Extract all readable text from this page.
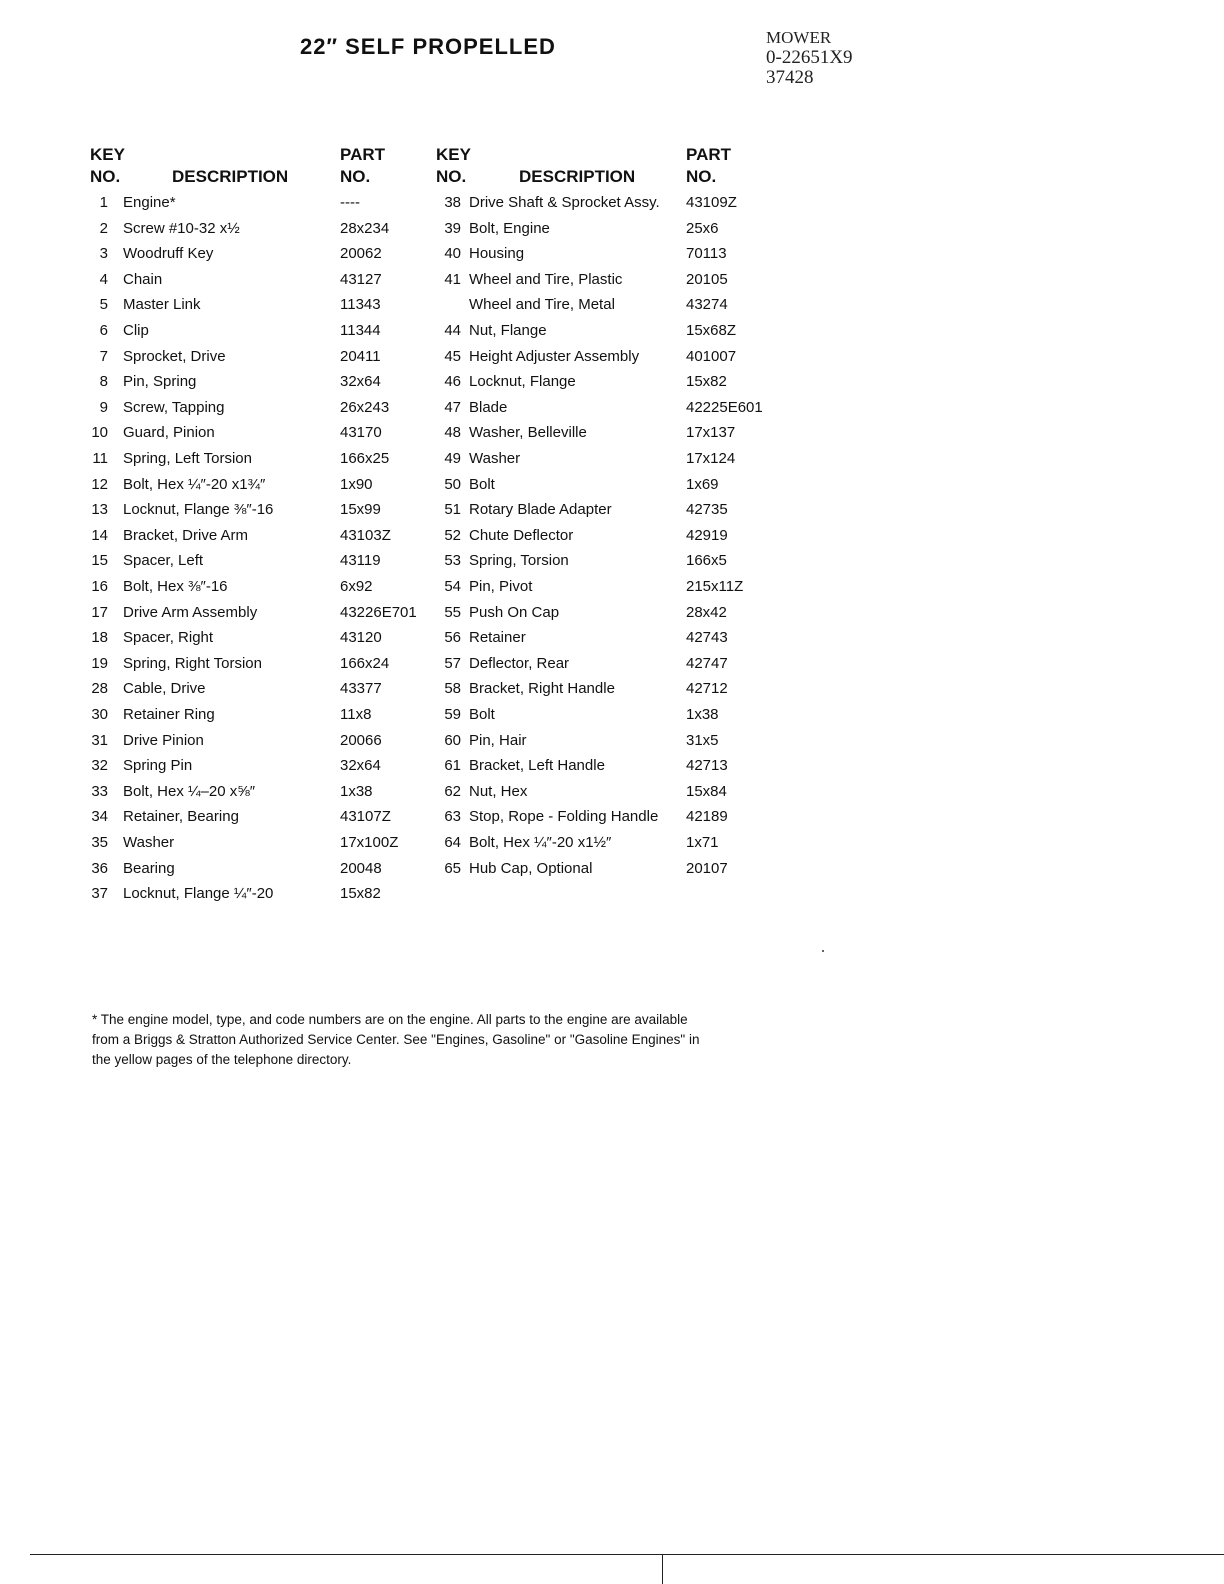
22″ SELF PROPELLED	MOWER
0-22651X9
37428
KEY
NO.	DESCRIPTION
PART
NO.
KEY
NO.	DESCRIPTION
PART
NO.
1 Engine*	----
2 Screw #10-32 x½	28x234
3 Woodruff Key	20062
4 Chain	43127
5 Master Link	11343
6 Clip	11344
7 Sprocket, Drive	20411
8 Pin, Spring	32x64
9 Screw, Tapping	26x243
10 Guard, Pinion	43170
11 Spring, Left Torsion	166x25
12 Bolt, Hex ¼″-20 x1¾″	1x90
13 Locknut, Flange ⅜″-16	15x99
14 Bracket, Drive Arm	43103Z
15 Spacer, Left	43119
16 Bolt, Hex ⅜″-16	6x92
17 Drive Arm Assembly	43226E701
18 Spacer, Right	43120
19 Spring, Right Torsion	166x24
28 Cable, Drive	43377
30 Retainer Ring	11x8
31 Drive Pinion	20066
32 Spring Pin	32x64
33 Bolt, Hex ¼–20 x⅝″	1x38
34 Retainer, Bearing	43107Z
35 Washer	17x100Z
36 Bearing	20048
37 Locknut, Flange ¼″-20	15x82
38 Drive Shaft & Sprocket Assy. 43109Z
39 Bolt, Engine	25x6
40 Housing	70113
41 Wheel and Tire, Plastic	20105
Wheel and Tire, Metal	43274
44 Nut, Flange	15x68Z
45 Height Adjuster Assembly	401007
46 Locknut, Flange	15x82
47 Blade	42225E601
48 Washer, Belleville	17x137
49 Washer	17x124
50 Bolt	1x69
51 Rotary Blade Adapter	42735
52 Chute Deflector	42919
53 Spring, Torsion	166x5
54 Pin, Pivot	215x11Z
55 Push On Cap	28x42
56 Retainer	42743
57 Deflector, Rear	42747
58 Bracket, Right Handle	42712
59 Bolt	1x38
60 Pin, Hair	31x5
61 Bracket, Left Handle	42713
62 Nut, Hex	15x84
63 Stop, Rope - Folding Handle 42189
64 Bolt, Hex ¼″-20 x1½″	1x71
65 Hub Cap, Optional	20107
* The engine model, type, and code numbers are on the engine. All parts to the engine are available
from a Briggs & Stratton Authorized Service Center. See "Engines, Gasoline" or "Gasoline Engines" in
the yellow pages of the telephone directory.
